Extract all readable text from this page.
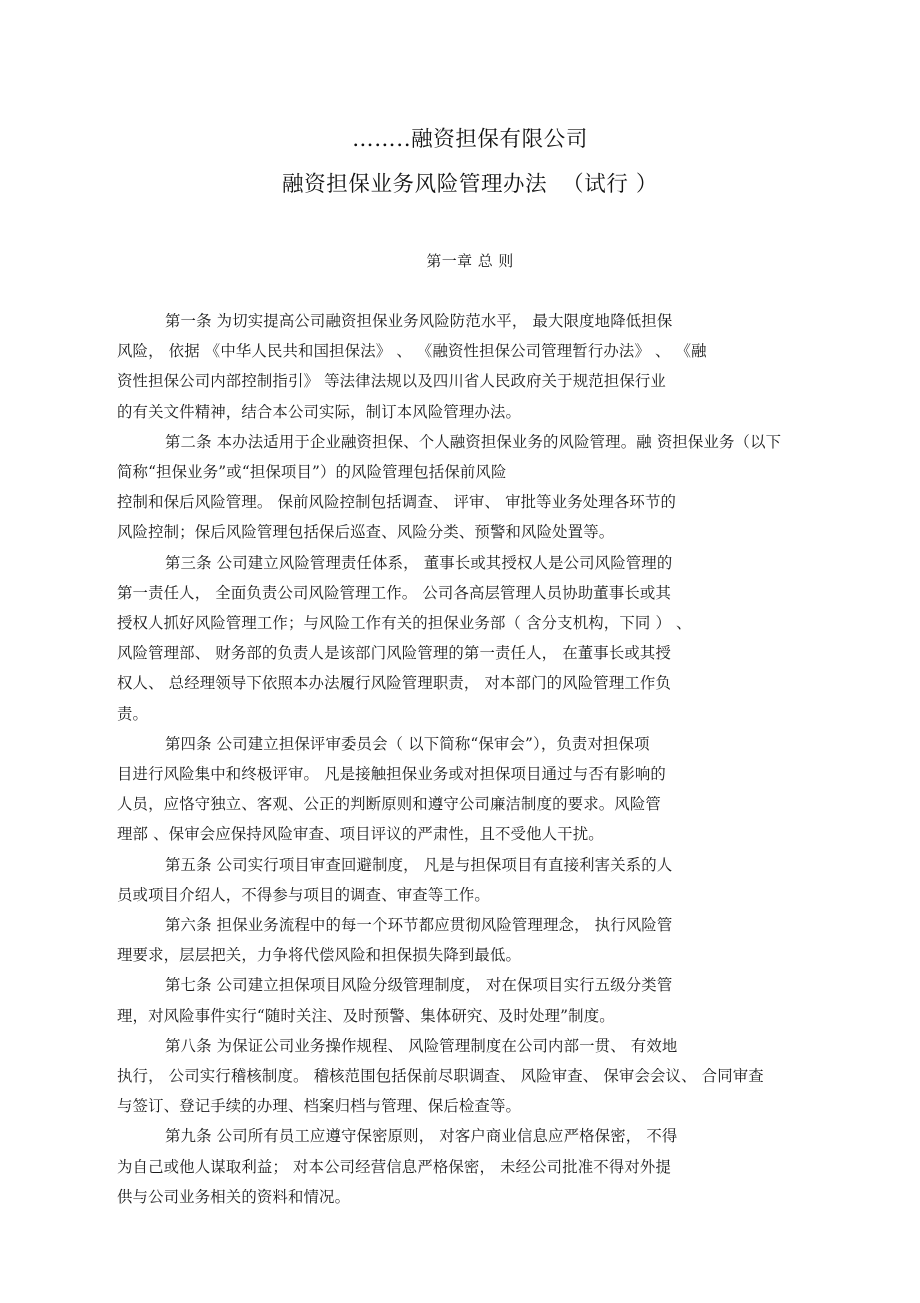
……..融资担保有限公司
融资担保业务风险管理办法  （试行 ）
第一章 总 则
第一条 为切实提高公司融资担保业务风险防范水平， 最大限度地降低担保
风险， 依据 《中华人民共和国担保法》 、 《融资性担保公司管理暂行办法》 、 《融
资性担保公司内部控制指引》 等法律法规以及四川省人民政府关于规范担保行业
的有关文件精神，结合本公司实际，制订本风险管理办法。
第二条 本办法适用于企业融资担保、个人融资担保业务的风险管理。融 资担保业务（以下
简称“担保业务”或“担保项目”）的风险管理包括保前风险
控制和保后风险管理。 保前风险控制包括调查、 评审、 审批等业务处理各环节的
风险控制；保后风险管理包括保后巡查、风险分类、预警和风险处置等。
第三条 公司建立风险管理责任体系， 董事长或其授权人是公司风险管理的
第一责任人， 全面负责公司风险管理工作。 公司各高层管理人员协助董事长或其
授权人抓好风险管理工作；与风险工作有关的担保业务部（ 含分支机构，下同 ） 、
风险管理部、 财务部的负责人是该部门风险管理的第一责任人， 在董事长或其授
权人、 总经理领导下依照本办法履行风险管理职责， 对本部门的风险管理工作负
责。
第四条 公司建立担保评审委员会（ 以下简称“保审会”），负责对担保项
目进行风险集中和终极评审。 凡是接触担保业务或对担保项目通过与否有影响的
人员，应恪守独立、客观、公正的判断原则和遵守公司廉洁制度的要求。风险管
理部 、保审会应保持风险审查、项目评议的严肃性，且不受他人干扰。
第五条 公司实行项目审查回避制度， 凡是与担保项目有直接利害关系的人
员或项目介绍人，不得参与项目的调查、审查等工作。
第六条 担保业务流程中的每一个环节都应贯彻风险管理理念， 执行风险管
理要求，层层把关，力争将代偿风险和担保损失降到最低。
第七条 公司建立担保项目风险分级管理制度， 对在保项目实行五级分类管
理，对风险事件实行“随时关注、及时预警、集体研究、及时处理”制度。
第八条 为保证公司业务操作规程、 风险管理制度在公司内部一贯、 有效地
执行， 公司实行稽核制度。 稽核范围包括保前尽职调查、 风险审查、 保审会会议、 合同审查
与签订、登记手续的办理、档案归档与管理、保后检查等。
第九条 公司所有员工应遵守保密原则， 对客户商业信息应严格保密， 不得
为自己或他人谋取利益； 对本公司经营信息严格保密， 未经公司批准不得对外提
供与公司业务相关的资料和情况。
